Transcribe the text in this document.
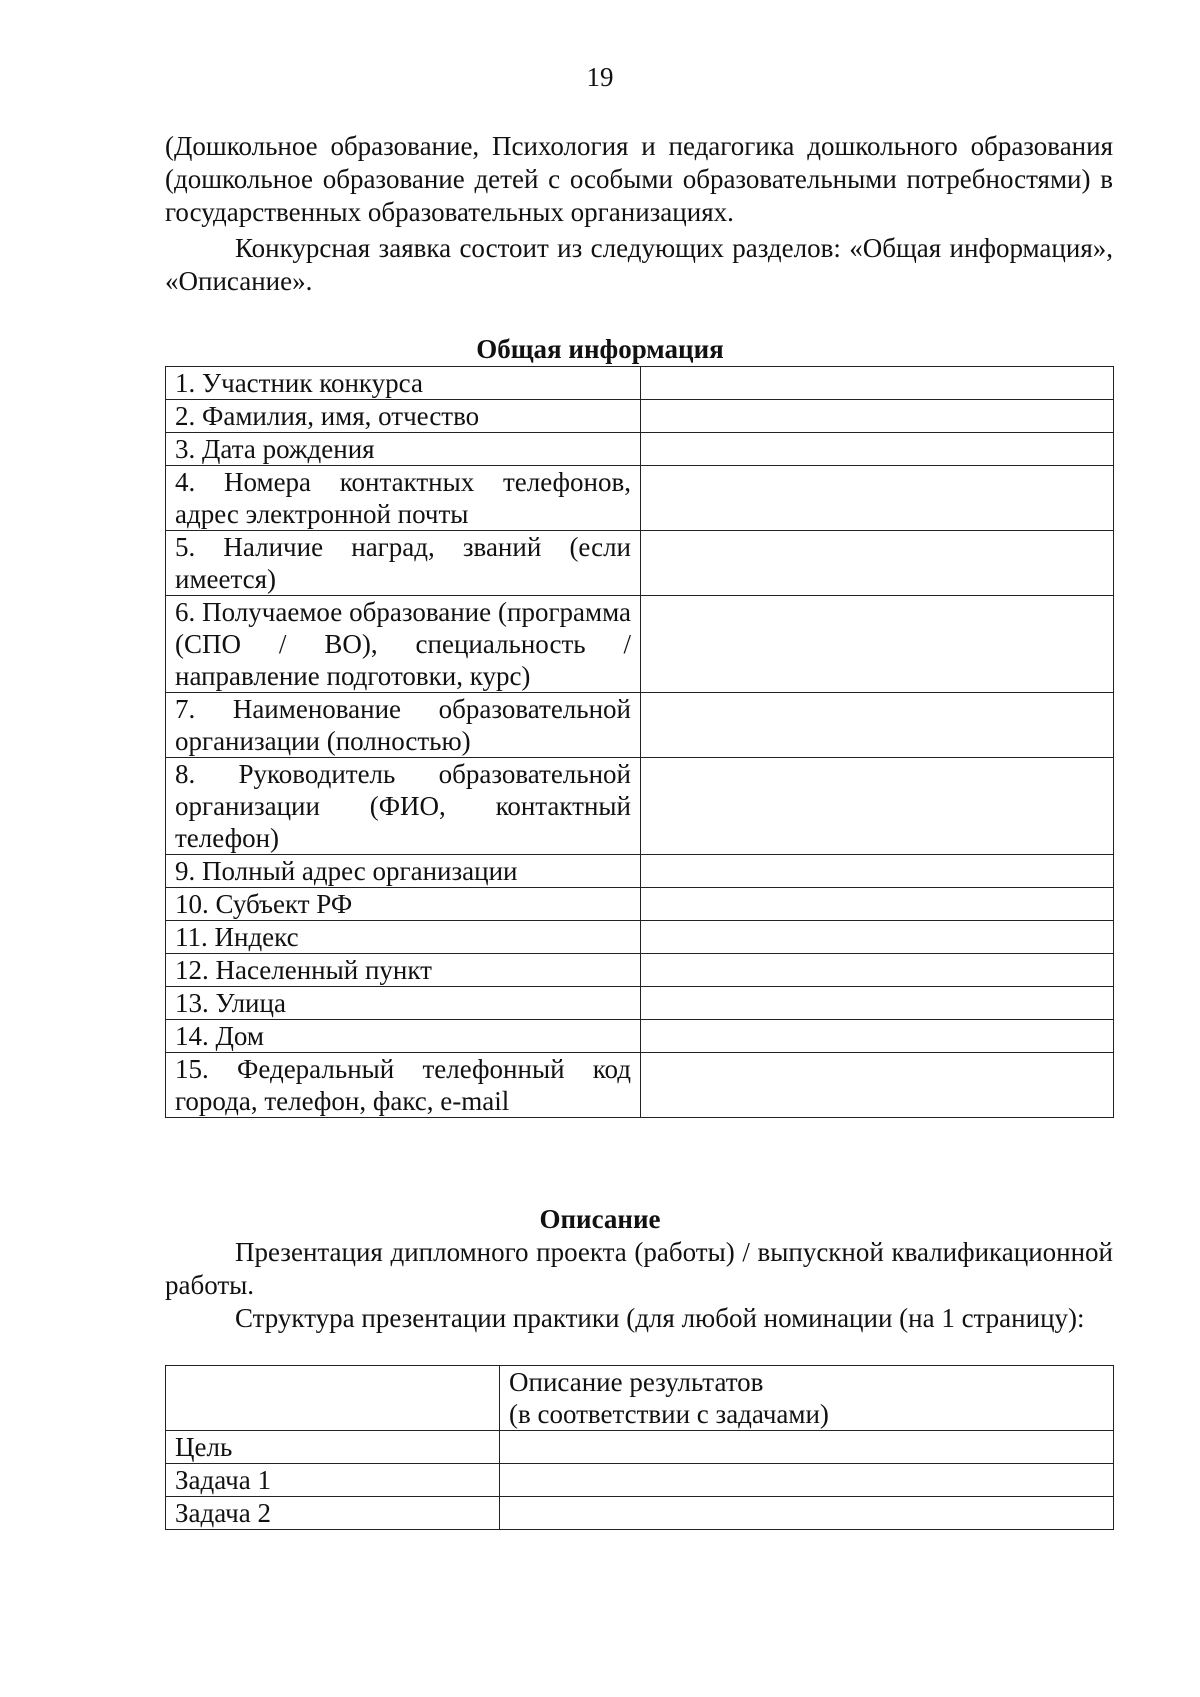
19

(Дошкольное образование, Психология и педагогика дошкольного образования (дошкольное образование детей с особыми образовательными потребностями) в государственных образовательных организациях.

Конкурсная заявка состоит из следующих разделов: «Общая информация», «Описание».

Общая информация
1. Участник конкурса	
2. Фамилия, имя, отчество	
3. Дата рождения	
4. Номера контактных телефонов, адрес электронной почты	
5. Наличие наград, званий (если имеется)	
6. Получаемое образование (программа (СПО / ВО), специальность / направление подготовки, курс)	
7. Наименование образовательной организации (полностью)	
8. Руководитель образовательной организации (ФИО, контактный телефон)	
9. Полный адрес организации	
10. Субъект РФ	
11. Индекс	
12. Населенный пункт	
13. Улица	
14. Дом	
15. Федеральный телефонный код города, телефон, факс, e-mail	
Описание

Презентация дипломного проекта (работы) / выпускной квалификационной работы.

Структура презентации практики (для любой номинации (на 1 страницу):

	Описание результатов
(в соответствии с задачами)

Цель	
Задача 1	
Задача 2	
